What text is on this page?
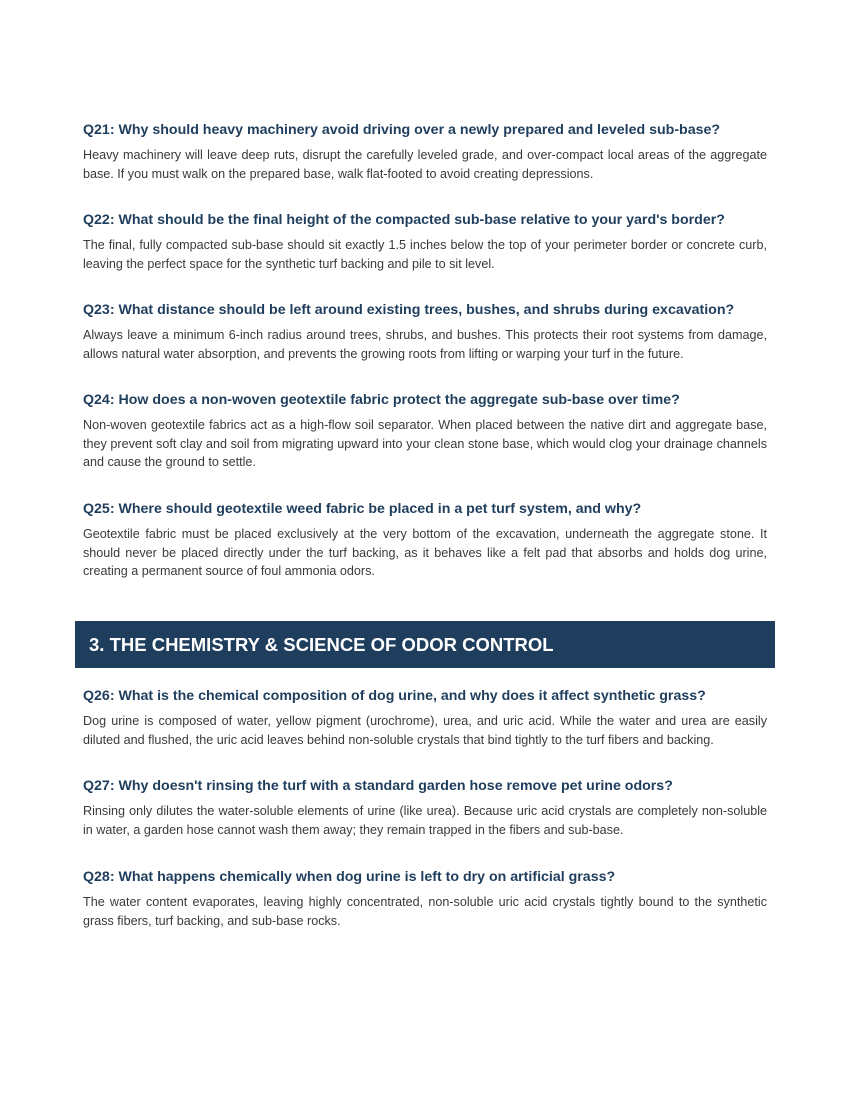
Q21: Why should heavy machinery avoid driving over a newly prepared and leveled sub-base?

Heavy machinery will leave deep ruts, disrupt the carefully leveled grade, and over-compact local areas of the aggregate base. If you must walk on the prepared base, walk flat-footed to avoid creating depressions.

Q22: What should be the final height of the compacted sub-base relative to your yard's border?

The final, fully compacted sub-base should sit exactly 1.5 inches below the top of your perimeter border or concrete curb, leaving the perfect space for the synthetic turf backing and pile to sit level.

Q23: What distance should be left around existing trees, bushes, and shrubs during excavation?

Always leave a minimum 6-inch radius around trees, shrubs, and bushes. This protects their root systems from damage, allows natural water absorption, and prevents the growing roots from lifting or warping your turf in the future.

Q24: How does a non-woven geotextile fabric protect the aggregate sub-base over time?

Non-woven geotextile fabrics act as a high-flow soil separator. When placed between the native dirt and aggregate base, they prevent soft clay and soil from migrating upward into your clean stone base, which would clog your drainage channels and cause the ground to settle.

Q25: Where should geotextile weed fabric be placed in a pet turf system, and why?

Geotextile fabric must be placed exclusively at the very bottom of the excavation, underneath the aggregate stone. It should never be placed directly under the turf backing, as it behaves like a felt pad that absorbs and holds dog urine, creating a permanent source of foul ammonia odors.

3. THE CHEMISTRY & SCIENCE OF ODOR CONTROL
Q26: What is the chemical composition of dog urine, and why does it affect synthetic grass?

Dog urine is composed of water, yellow pigment (urochrome), urea, and uric acid. While the water and urea are easily diluted and flushed, the uric acid leaves behind non-soluble crystals that bind tightly to the turf fibers and backing.

Q27: Why doesn't rinsing the turf with a standard garden hose remove pet urine odors?

Rinsing only dilutes the water-soluble elements of urine (like urea). Because uric acid crystals are completely non-soluble in water, a garden hose cannot wash them away; they remain trapped in the fibers and sub-base.

Q28: What happens chemically when dog urine is left to dry on artificial grass?

The water content evaporates, leaving highly concentrated, non-soluble uric acid crystals tightly bound to the synthetic grass fibers, turf backing, and sub-base rocks.
